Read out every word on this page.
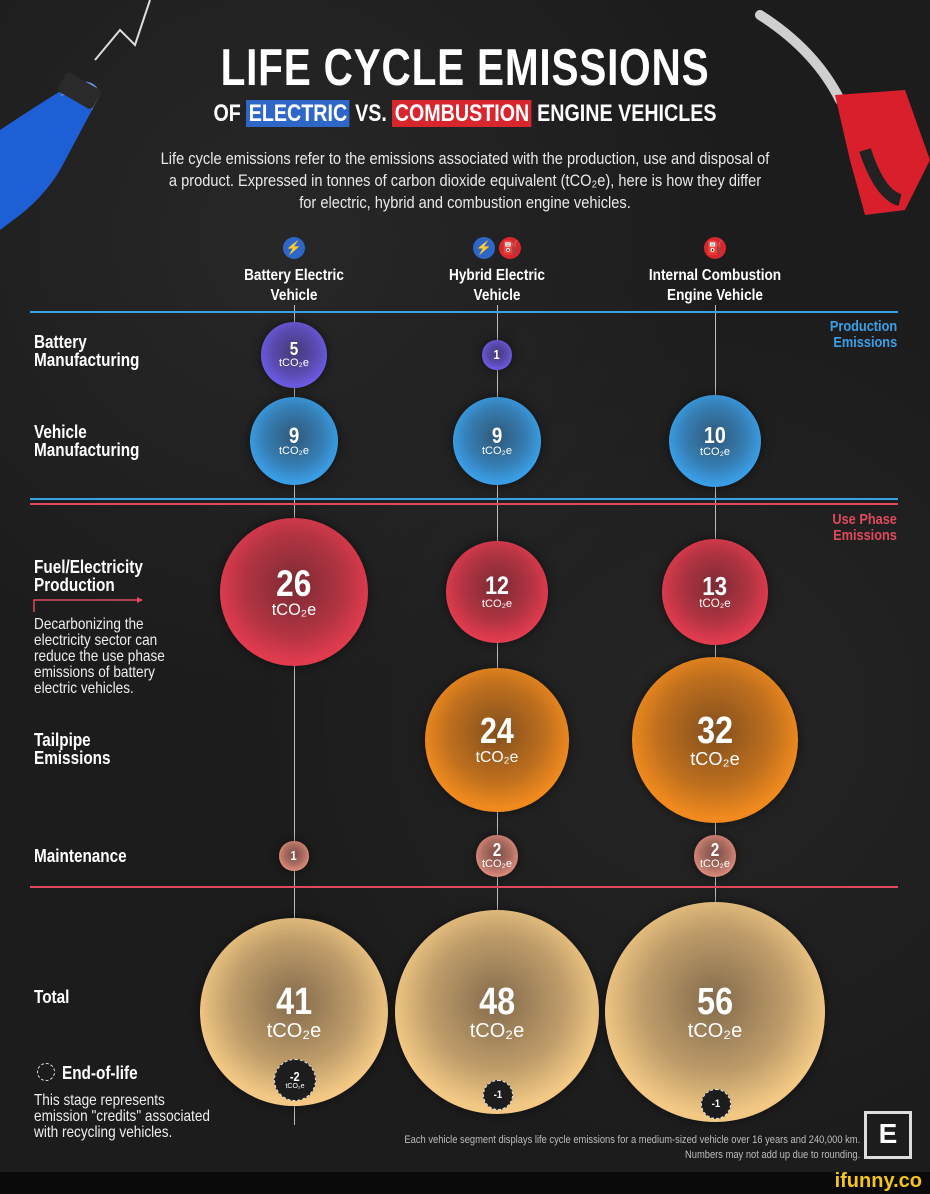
LIFE CYCLE EMISSIONS
OF ELECTRIC VS. COMBUSTION ENGINE VEHICLES
Life cycle emissions refer to the emissions associated with the production, use and disposal of a product. Expressed in tonnes of carbon dioxide equivalent (tCO₂e), here is how they differ for electric, hybrid and combustion engine vehicles.
⚡
Battery Electric
Vehicle
⚡ ⛽
Hybrid Electric
Vehicle
⛽
Internal Combustion
Engine Vehicle
Production
Emissions
Use Phase
Emissions
Battery
Manufacturing
Vehicle
Manufacturing
Fuel/Electricity
Production
Decarbonizing the
electricity sector can
reduce the use phase
emissions of battery
electric vehicles.
Tailpipe
Emissions
Maintenance
Total
End-of-life
This stage represents
emission "credits" associated
with recycling vehicles.
5
tCO₂e
1
9
tCO₂e
9
tCO₂e
10
tCO₂e
26
tCO₂e
12
tCO₂e
13
tCO₂e
24
tCO₂e
32
tCO₂e
1	2
tCO₂e
2
tCO₂e
41
tCO₂e
48
tCO₂e
56
tCO₂e
-2
tCO₂e
-1
-1
Each vehicle segment displays life cycle emissions for a medium-sized vehicle over 16 years and 240,000 km.
Numbers may not add up due to rounding.
E
ifunny.co
